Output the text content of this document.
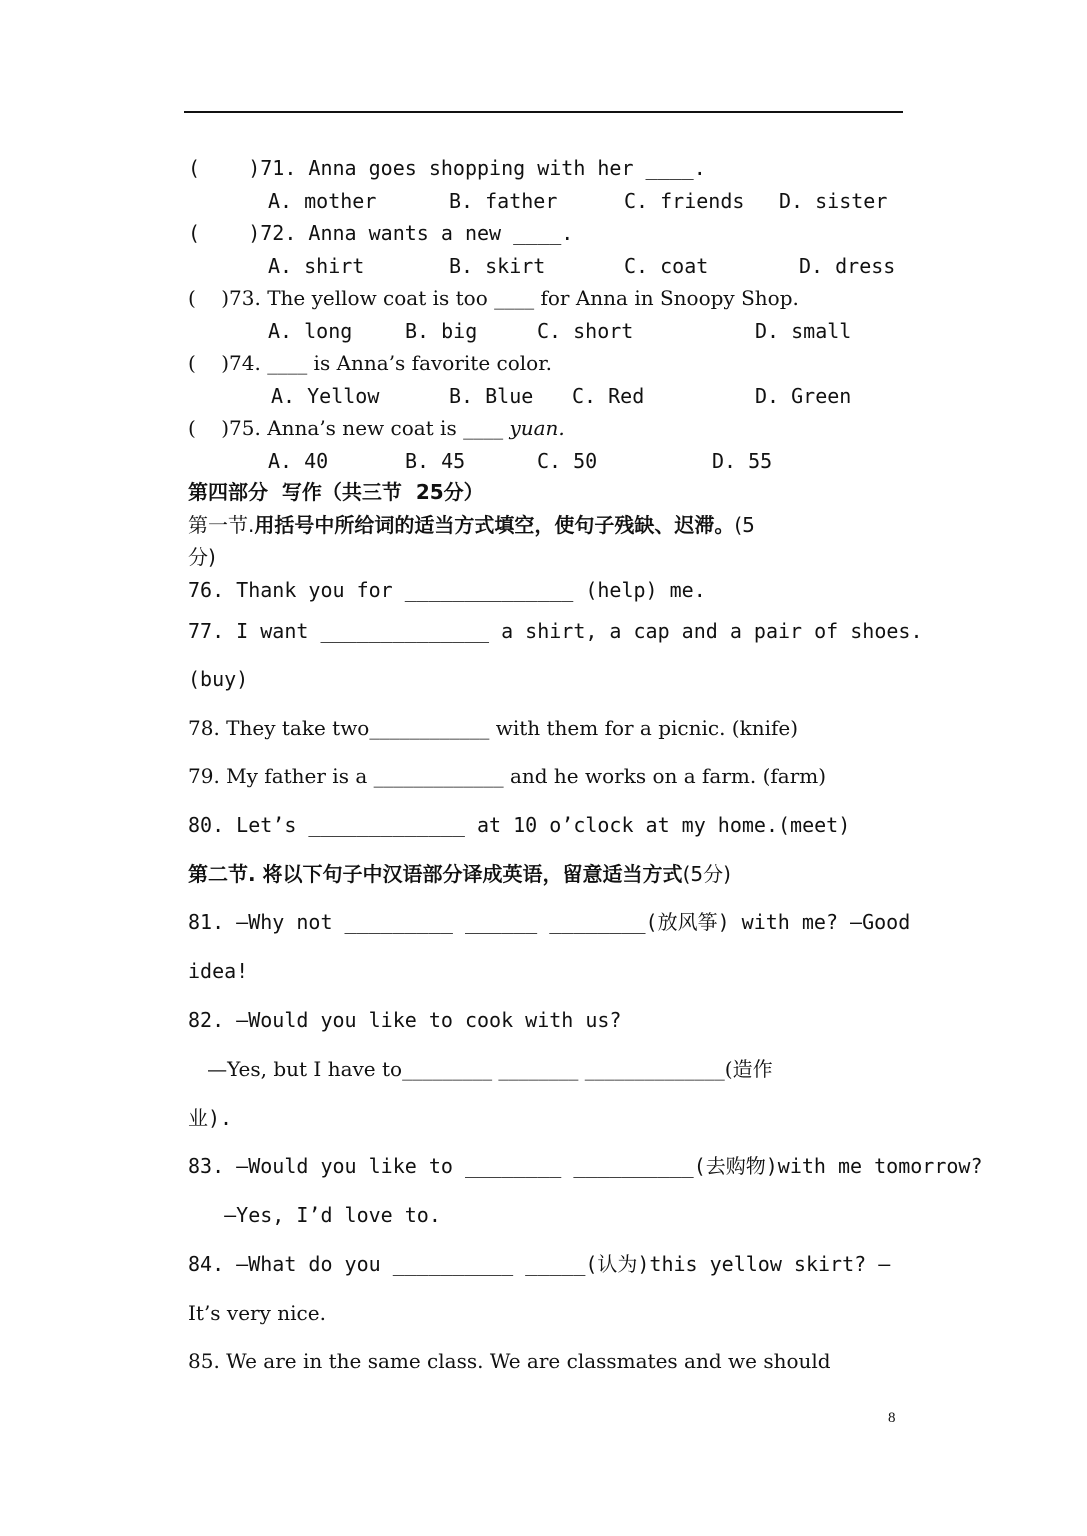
(    )71. Anna goes shopping with her ____.
A. mother	B. father	C. friends D. sister
(    )72. Anna wants a new ____.
A. shirt	B. skirt	C. coat	D. dress
(    )73. The yellow coat is too ____ for Anna in Snoopy Shop.
A. long	B. big	C. short	D. small
(    )74. ____ is Anna’s favorite color.
A. Yellow	B. Blue C. Red	D. Green
(    )75. Anna’s new coat is ____ yuan.
A. 40	B. 45	C. 50	D. 55
第四部分  写作（共三节  25分）
第一节.用括号中所给词的适当方式填空，使句子残缺、迟滞。(5
分)
76. Thank you for ______________ (help) me.
77. I want ______________ a shirt, a cap and a pair of shoes.
(buy)
78. They take two____________ with them for a picnic. (knife)
79. My father is a _____________ and he works on a farm. (farm)
80. Let’s _____________ at 10 o’clock at my home.(meet)
第二节. 将以下句子中汉语部分译成英语，留意适当方式(5分)
81. —Why not _________ ______ ________(放风筝) with me? —Good
idea!
82. —Would you like to cook with us?
—Yes, but I have to_________ ________ ______________(造作
业).
83. —Would you like to ________ __________(去购物)with me tomorrow?
—Yes, I’d love to.
84. —What do you __________ _____(认为)this yellow skirt? —
It’s very nice.
85. We are in the same class. We are classmates and we should
8
